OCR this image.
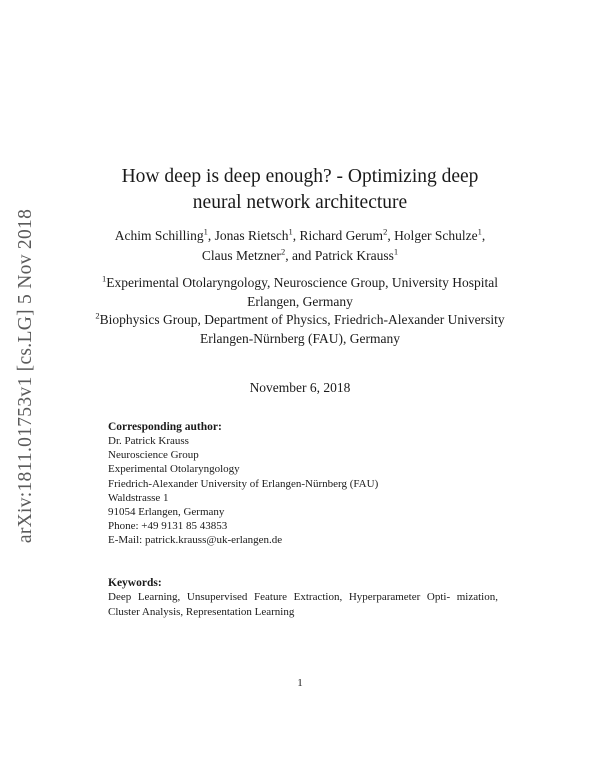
arXiv:1811.01753v1 [cs.LG] 5 Nov 2018
How deep is deep enough? - Optimizing deep
neural network architecture
Achim Schilling$^1$, Jonas Rietsch$^1$, Richard Gerum$^2$, Holger Schulze$^1$, Claus Metzner$^2$, and Patrick Krauss$^1$
$^1$Experimental Otolaryngology, Neuroscience Group, University Hospital Erlangen, Germany
$^2$Biophysics Group, Department of Physics, Friedrich-Alexander University Erlangen-Nürnberg (FAU), Germany
November 6, 2018
Corresponding author:
Dr. Patrick Krauss
Neuroscience Group
Experimental Otolaryngology
Friedrich-Alexander University of Erlangen-Nürnberg (FAU)
Waldstrasse 1
91054 Erlangen, Germany
Phone: +49 9131 85 43853
E-Mail: patrick.krauss@uk-erlangen.de
Keywords:
Deep Learning, Unsupervised Feature Extraction, Hyperparameter Opti- mization, Cluster Analysis, Representation Learning
1
